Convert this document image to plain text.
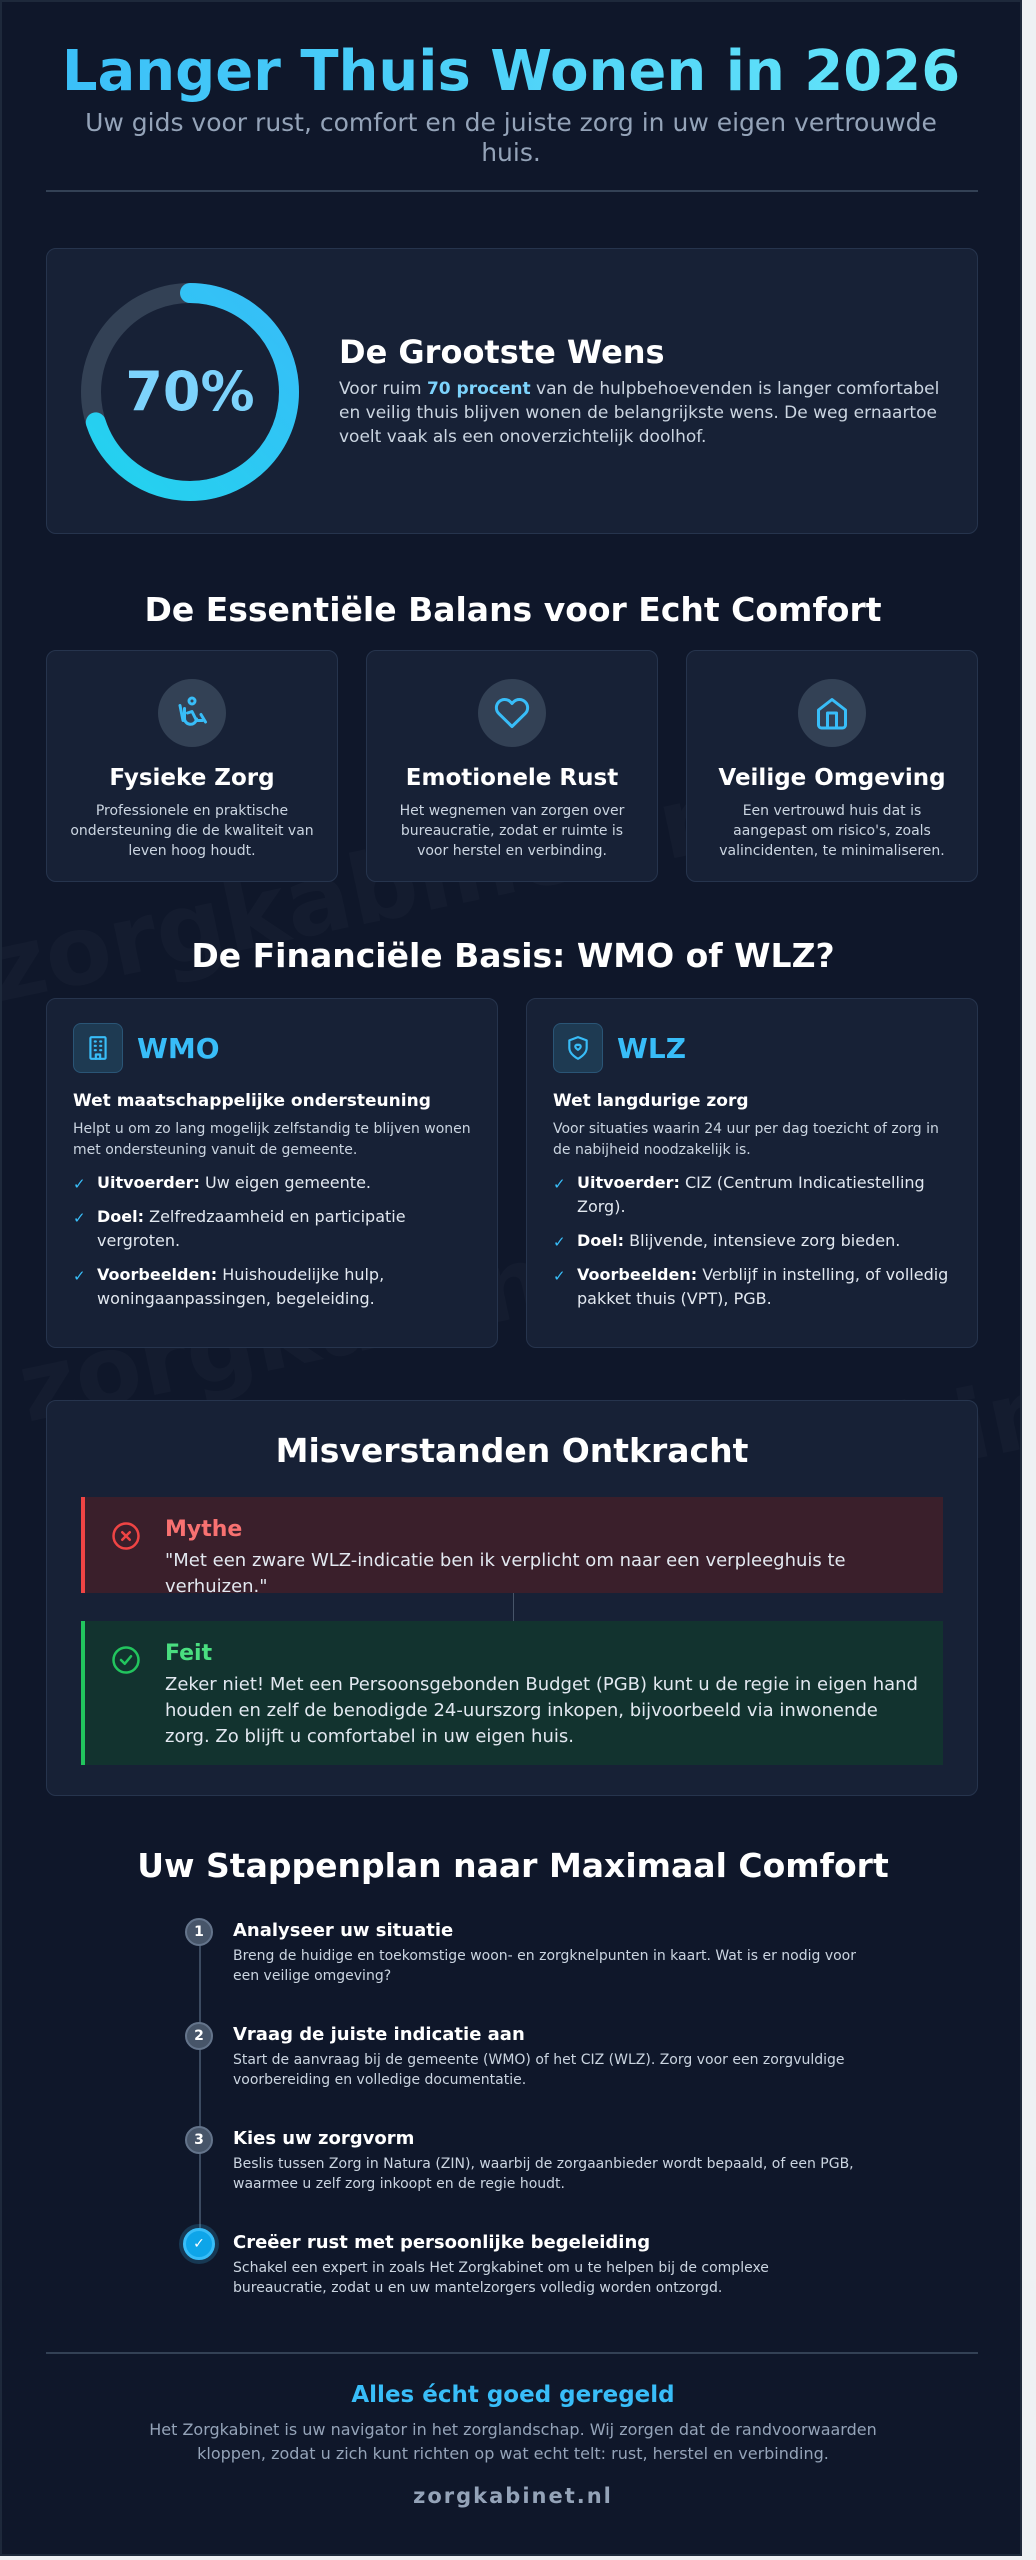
Langer Thuis Wonen in 2026

Uw gids voor rust, comfort en de juiste zorg in uw eigen vertrouwde huis.

70%
De Grootste Wens

Voor ruim 70 procent van de hulpbehoevenden is langer comfortabel en veilig thuis blijven wonen de belangrijkste wens. De weg ernaartoe voelt vaak als een onoverzichtelijk doolhof.

De Essentiële Balans voor Echt Comfort
Fysieke Zorg

Professionele en praktische ondersteuning die de kwaliteit van leven hoog houdt.

Emotionele Rust

Het wegnemen van zorgen over bureaucratie, zodat er ruimte is voor herstel en verbinding.

Veilige Omgeving

Een vertrouwd huis dat is aangepast om risico's, zoals valincidenten, te minimaliseren.

De Financiële Basis: WMO of WLZ?
WMO
Wet maatschappelijke ondersteuning

Helpt u om zo lang mogelijk zelfstandig te blijven wonen met ondersteuning vanuit de gemeente.

✓ Uitvoerder: Uw eigen gemeente.
✓ Doel: Zelfredzaamheid en participatie vergroten.
✓ Voorbeelden: Huishoudelijke hulp, woningaanpassingen, begeleiding.
WLZ
Wet langdurige zorg

Voor situaties waarin 24 uur per dag toezicht of zorg in de nabijheid noodzakelijk is.

✓ Uitvoerder: CIZ (Centrum Indicatiestelling Zorg).
✓ Doel: Blijvende, intensieve zorg bieden.
✓ Voorbeelden: Verblijf in instelling, of volledig pakket thuis (VPT), PGB.
Misverstanden Ontkracht
Mythe
"Met een zware WLZ-indicatie ben ik verplicht om naar een verpleeghuis te verhuizen."
Feit
Zeker niet! Met een Persoonsgebonden Budget (PGB) kunt u de regie in eigen hand houden en zelf de benodigde 24-uurszorg inkopen, bijvoorbeeld via inwonende zorg. Zo blijft u comfortabel in uw eigen huis.
Uw Stappenplan naar Maximaal Comfort
1	Analyseer uw situatie

Breng de huidige en toekomstige woon- en zorgknelpunten in kaart. Wat is er nodig voor een veilige omgeving?

2	Vraag de juiste indicatie aan

Start de aanvraag bij de gemeente (WMO) of het CIZ (WLZ). Zorg voor een zorgvuldige voorbereiding en volledige documentatie.

3	Kies uw zorgvorm

Beslis tussen Zorg in Natura (ZIN), waarbij de zorgaanbieder wordt bepaald, of een PGB, waarmee u zelf zorg inkoopt en de regie houdt.

✓	Creëer rust met persoonlijke begeleiding

Schakel een expert in zoals Het Zorgkabinet om u te helpen bij de complexe bureaucratie, zodat u en uw mantelzorgers volledig worden ontzorgd.

Alles écht goed geregeld

Het Zorgkabinet is uw navigator in het zorglandschap. Wij zorgen dat de randvoorwaarden kloppen, zodat u zich kunt richten op wat echt telt: rust, herstel en verbinding.

zorgkabinet.nl
